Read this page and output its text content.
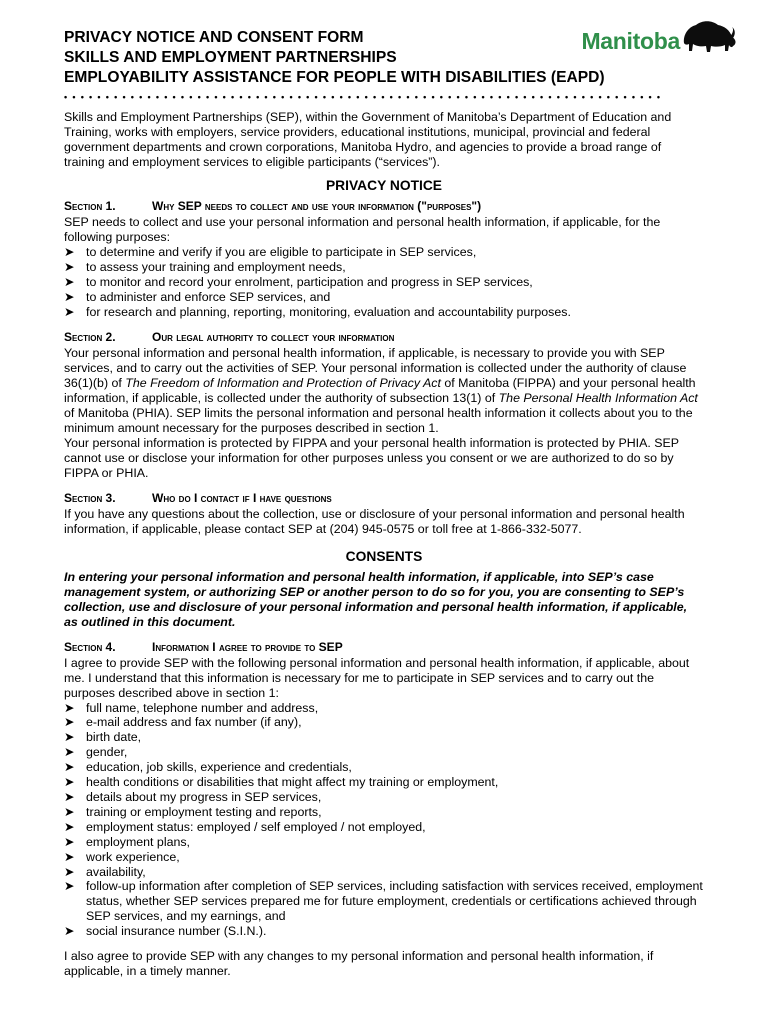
PRIVACY NOTICE AND CONSENT FORM
SKILLS AND EMPLOYMENT PARTNERSHIPS
EMPLOYABILITY ASSISTANCE FOR PEOPLE WITH DISABILITIES (EAPD)
Manitoba
••••••••••••••••••••••••••••••••••••••••••••••••••••••••••••••••••••••••

Skills and Employment Partnerships (SEP), within the Government of Manitoba’s Department of Education and Training, works with employers, service providers, educational institutions, municipal, provincial and federal government departments and crown corporations, Manitoba Hydro, and agencies to provide a broad range of training and employment services to eligible participants (“services”).

PRIVACY NOTICE
Section 1.	Why SEP needs to collect and use your information ("purposes")

SEP needs to collect and use your personal information and personal health information, if applicable, for the following purposes:

➤ to determine and verify if you are eligible to participate in SEP services,
➤ to assess your training and employment needs,
➤ to monitor and record your enrolment, participation and progress in SEP services,
➤ to administer and enforce SEP services, and
➤ for research and planning, reporting, monitoring, evaluation and accountability purposes.
Section 2.	Our legal authority to collect your information

Your personal information and personal health information, if applicable, is necessary to provide you with SEP services, and to carry out the activities of SEP. Your personal information is collected under the authority of clause 36(1)(b) of The Freedom of Information and Protection of Privacy Act of Manitoba (FIPPA) and your personal health information, if applicable, is collected under the authority of subsection 13(1) of The Personal Health Information Act of Manitoba (PHIA). SEP limits the personal information and personal health information it collects about you to the minimum amount necessary for the purposes described in section 1.

Your personal information is protected by FIPPA and your personal health information is protected by PHIA. SEP cannot use or disclose your information for other purposes unless you consent or we are authorized to do so by FIPPA or PHIA.

Section 3.	Who do I contact if I have questions

If you have any questions about the collection, use or disclosure of your personal information and personal health information, if applicable, please contact SEP at (204) 945-0575 or toll free at 1-866-332-5077.

CONSENTS

In entering your personal information and personal health information, if applicable, into SEP’s case management system, or authorizing SEP or another person to do so for you, you are consenting to SEP’s collection, use and disclosure of your personal information and personal health information, if applicable, as outlined in this document.

Section 4.	Information I agree to provide to SEP

I agree to provide SEP with the following personal information and personal health information, if applicable, about me. I understand that this information is necessary for me to participate in SEP services and to carry out the purposes described above in section 1:

➤ full name, telephone number and address,
➤ e-mail address and fax number (if any),
➤ birth date,
➤ gender,
➤ education, job skills, experience and credentials,
➤ health conditions or disabilities that might affect my training or employment,
➤ details about my progress in SEP services,
➤ training or employment testing and reports,
➤ employment status: employed / self employed / not employed,
➤ employment plans,
➤ work experience,
➤ availability,
➤ follow-up information after completion of SEP services, including satisfaction with services received, employment status, whether SEP services prepared me for future employment, credentials or certifications achieved through SEP services, and my earnings, and
➤ social insurance number (S.I.N.).

I also agree to provide SEP with any changes to my personal information and personal health information, if applicable, in a timely manner.
